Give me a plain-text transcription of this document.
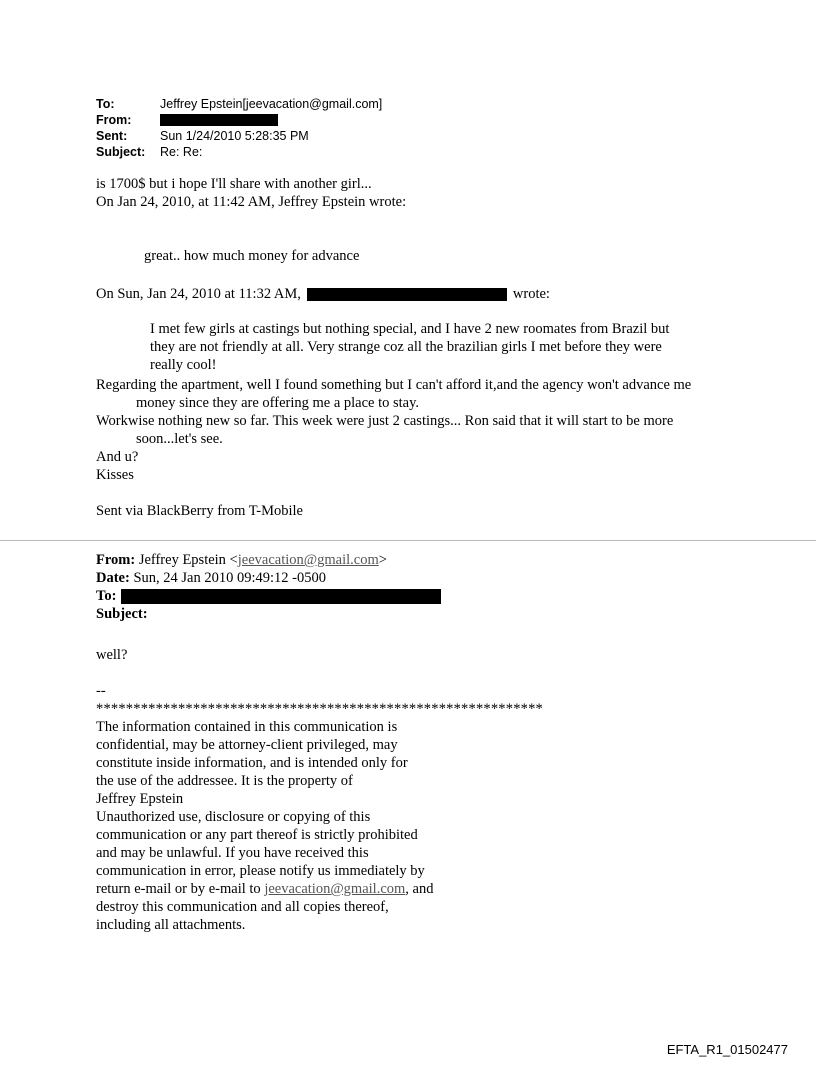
To:	Jeffrey Epstein[jeevacation@gmail.com]
From:
Sent:	Sun 1/24/2010 5:28:35 PM
Subject:	Re: Re:
is 1700$ but i hope I'll share with another girl...
On Jan 24, 2010, at 11:42 AM, Jeffrey Epstein wrote:
great.. how much money for advance
On Sun, Jan 24, 2010 at 11:32 AM,	wrote:
I met few girls at castings but nothing special, and I have 2 new roomates from Brazil but they are not friendly at all. Very strange coz all the brazilian girls I met before they were really cool!
Regarding the apartment, well I found something but I can't afford it,and the agency won't advance me money since they are offering me a place to stay.
Workwise nothing new so far. This week were just 2 castings... Ron said that it will start to be more soon...let's see.
And u?
Kisses
Sent via BlackBerry from T-Mobile
From: Jeffrey Epstein <jeevacation@gmail.com>
Date: Sun, 24 Jan 2010 09:49:12 -0500
To:
Subject:
well?
--
************************************************************
The information contained in this communication is
confidential, may be attorney-client privileged, may
constitute inside information, and is intended only for
the use of the addressee. It is the property of
Jeffrey Epstein
Unauthorized use, disclosure or copying of this
communication or any part thereof is strictly prohibited
and may be unlawful. If you have received this
communication in error, please notify us immediately by
return e-mail or by e-mail to jeevacation@gmail.com, and
destroy this communication and all copies thereof,
including all attachments.
EFTA_R1_01502477
